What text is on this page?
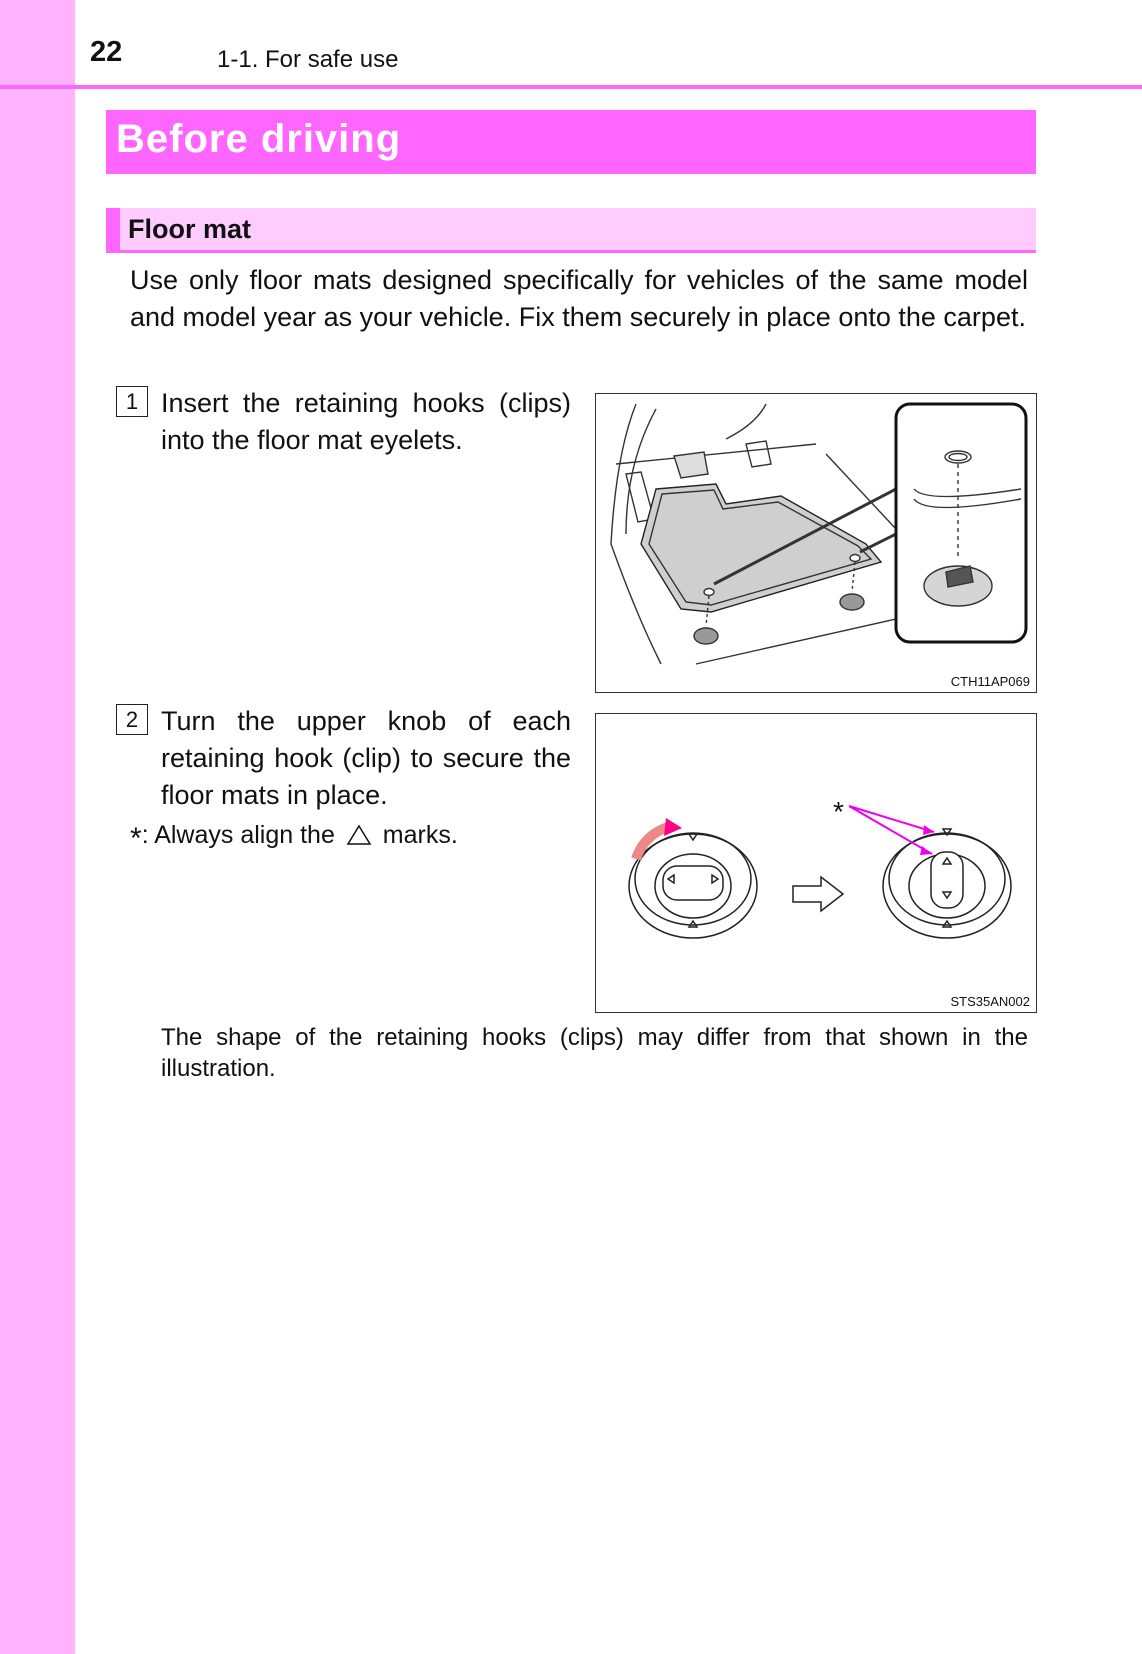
22	1-1. For safe use
Before driving
Floor mat
Use only floor mats designed specifically for vehicles of the same model and model year as your vehicle. Fix them securely in place onto the carpet.
1 Insert the retaining hooks (clips) into the floor mat eyelets.
CTH11AP069
2 Turn the upper knob of each retaining hook (clip) to secure the floor mats in place.
*: Always align the marks.
*
STS35AN002
The shape of the retaining hooks (clips) may differ from that shown in the illustration.
